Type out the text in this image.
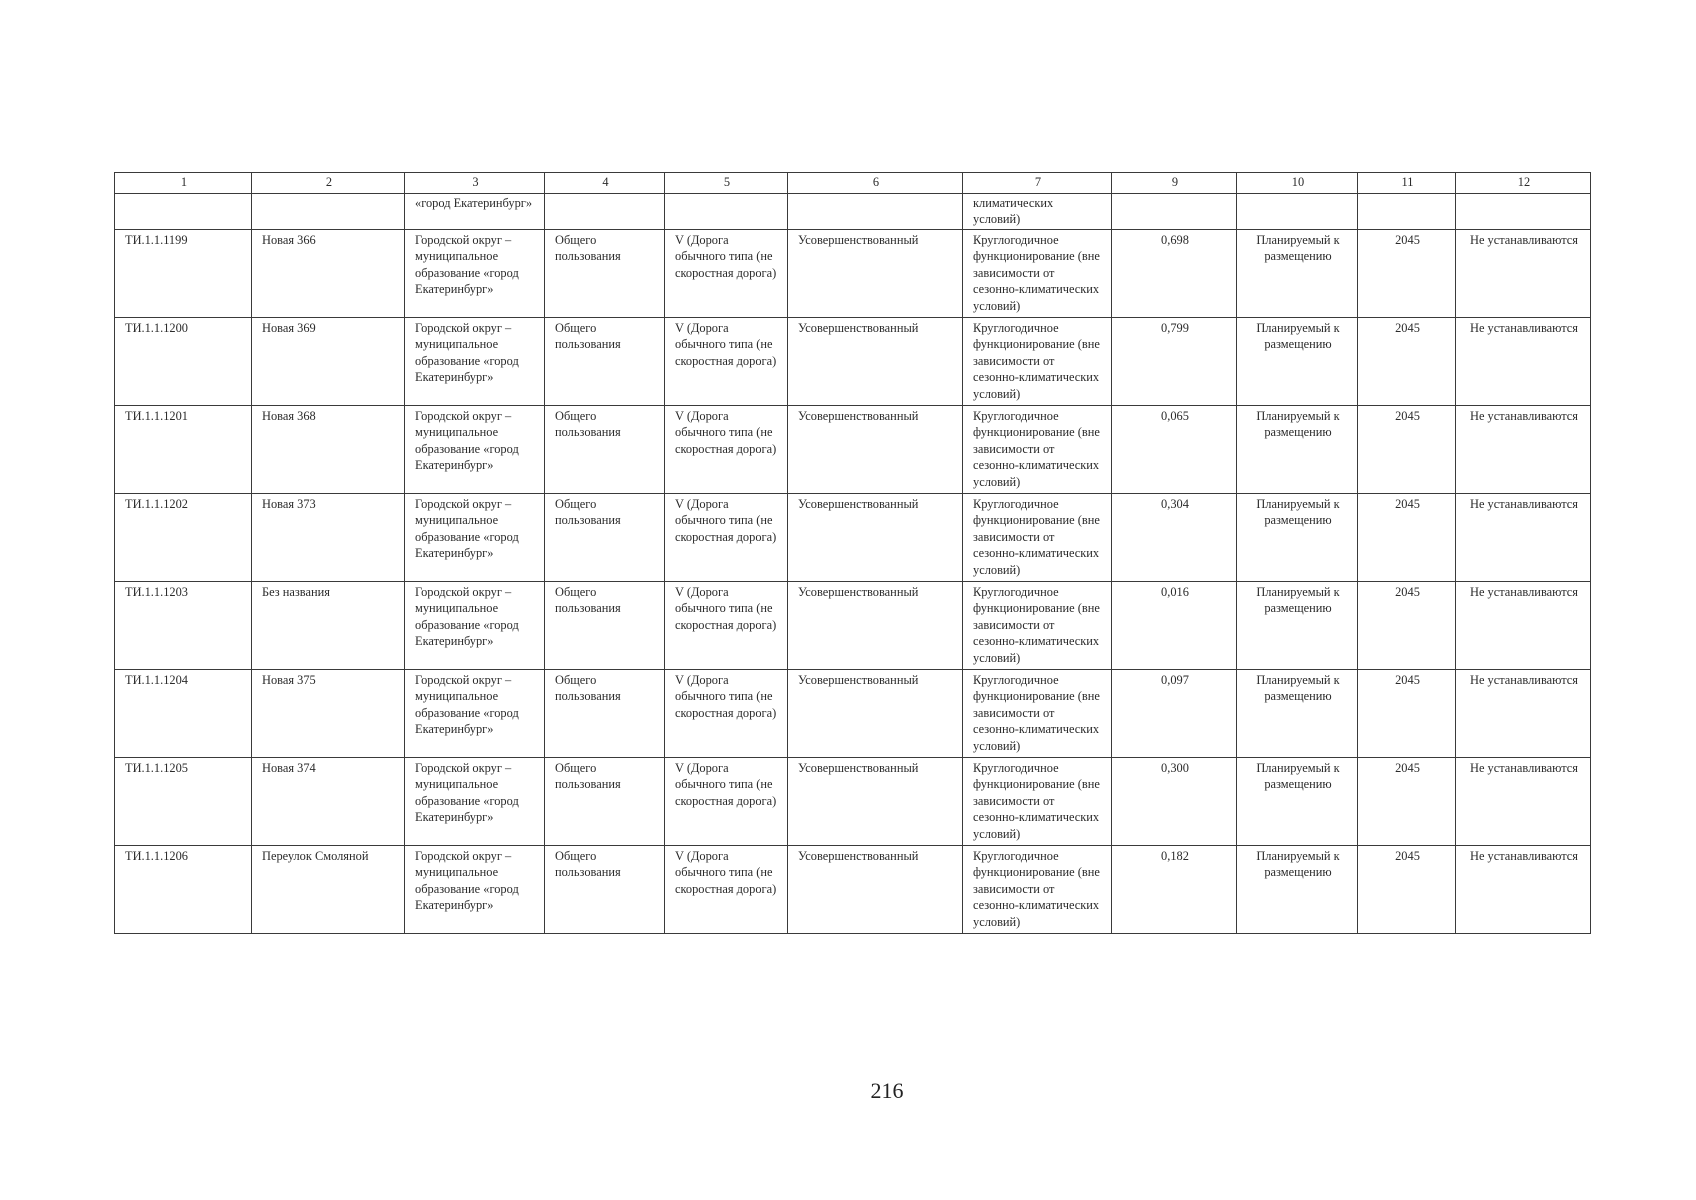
1	2	3	4	5	6	7	9	10	11	12
		«город Екатеринбург»				климатических условий)				
ТИ.1.1.1199	Новая 366	Городской округ – муниципальное образование «город Екатеринбург»	Общего пользования	V (Дорога обычного типа (не скоростная дорога)	Усовершенствованный	Круглогодичное функционирование (вне зависимости от сезонно-климатических условий)	0,698	Планируемый к размещению	2045	Не устанавливаются
ТИ.1.1.1200	Новая 369	Городской округ – муниципальное образование «город Екатеринбург»	Общего пользования	V (Дорога обычного типа (не скоростная дорога)	Усовершенствованный	Круглогодичное функционирование (вне зависимости от сезонно-климатических условий)	0,799	Планируемый к размещению	2045	Не устанавливаются
ТИ.1.1.1201	Новая 368	Городской округ – муниципальное образование «город Екатеринбург»	Общего пользования	V (Дорога обычного типа (не скоростная дорога)	Усовершенствованный	Круглогодичное функционирование (вне зависимости от сезонно-климатических условий)	0,065	Планируемый к размещению	2045	Не устанавливаются
ТИ.1.1.1202	Новая 373	Городской округ – муниципальное образование «город Екатеринбург»	Общего пользования	V (Дорога обычного типа (не скоростная дорога)	Усовершенствованный	Круглогодичное функционирование (вне зависимости от сезонно-климатических условий)	0,304	Планируемый к размещению	2045	Не устанавливаются
ТИ.1.1.1203	Без названия	Городской округ – муниципальное образование «город Екатеринбург»	Общего пользования	V (Дорога обычного типа (не скоростная дорога)	Усовершенствованный	Круглогодичное функционирование (вне зависимости от сезонно-климатических условий)	0,016	Планируемый к размещению	2045	Не устанавливаются
ТИ.1.1.1204	Новая 375	Городской округ – муниципальное образование «город Екатеринбург»	Общего пользования	V (Дорога обычного типа (не скоростная дорога)	Усовершенствованный	Круглогодичное функционирование (вне зависимости от сезонно-климатических условий)	0,097	Планируемый к размещению	2045	Не устанавливаются
ТИ.1.1.1205	Новая 374	Городской округ – муниципальное образование «город Екатеринбург»	Общего пользования	V (Дорога обычного типа (не скоростная дорога)	Усовершенствованный	Круглогодичное функционирование (вне зависимости от сезонно-климатических условий)	0,300	Планируемый к размещению	2045	Не устанавливаются
ТИ.1.1.1206	Переулок Смоляной	Городской округ – муниципальное образование «город Екатеринбург»	Общего пользования	V (Дорога обычного типа (не скоростная дорога)	Усовершенствованный	Круглогодичное функционирование (вне зависимости от сезонно-климатических условий)	0,182	Планируемый к размещению	2045	Не устанавливаются
216
